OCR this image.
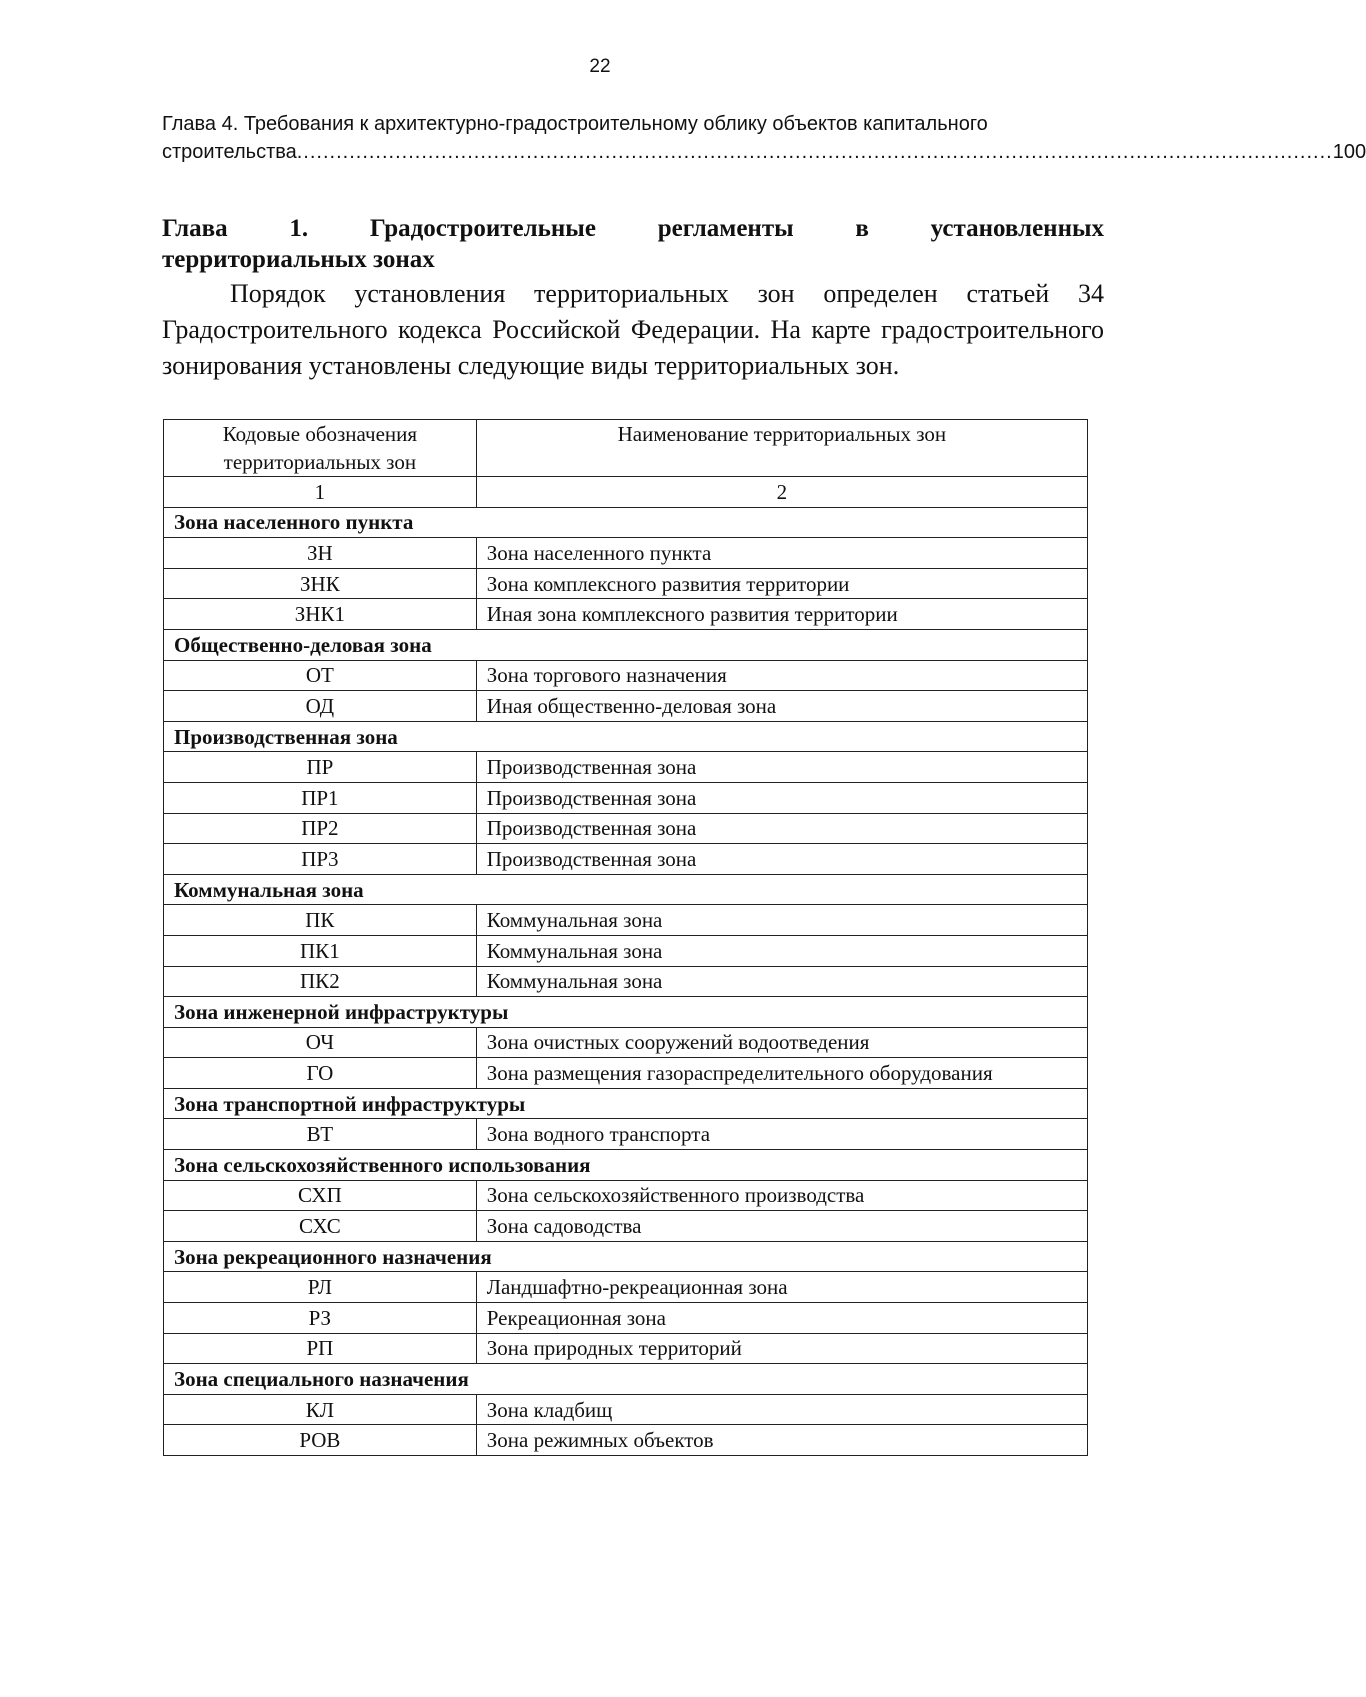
22
Глава 4. Требования к архитектурно-градостроительному облику объектов капитального
строительства .............................................................................................................................................................. 100
Глава 1. Градостроительные регламенты в установленных
территориальных зонах
Порядок установления территориальных зон определен статьей 34 Градостроительного кодекса Российской Федерации. На карте градостроительного зонирования установлены следующие виды территориальных зон.
Кодовые обозначения территориальных зон	Наименование территориальных зон
1	2
Зона населенного пункта	
ЗН	Зона населенного пункта
ЗНК	Зона комплексного развития территории
ЗНК1	Иная зона комплексного развития территории
Общественно-деловая зона	
ОТ	Зона торгового назначения
ОД	Иная общественно-деловая зона
Производственная зона	
ПР	Производственная зона
ПР1	Производственная зона
ПР2	Производственная зона
ПР3	Производственная зона
Коммунальная зона	
ПК	Коммунальная зона
ПК1	Коммунальная зона
ПК2	Коммунальная зона
Зона инженерной инфраструктуры	
ОЧ	Зона очистных сооружений водоотведения
ГО	Зона размещения газораспределительного оборудования
Зона транспортной инфраструктуры	
ВТ	Зона водного транспорта
Зона сельскохозяйственного использования	
СХП	Зона сельскохозяйственного производства
СХС	Зона садоводства
Зона рекреационного назначения	
РЛ	Ландшафтно-рекреационная зона
РЗ	Рекреационная зона
РП	Зона природных территорий
Зона специального назначения	
КЛ	Зона кладбищ
РОВ	Зона режимных объектов
